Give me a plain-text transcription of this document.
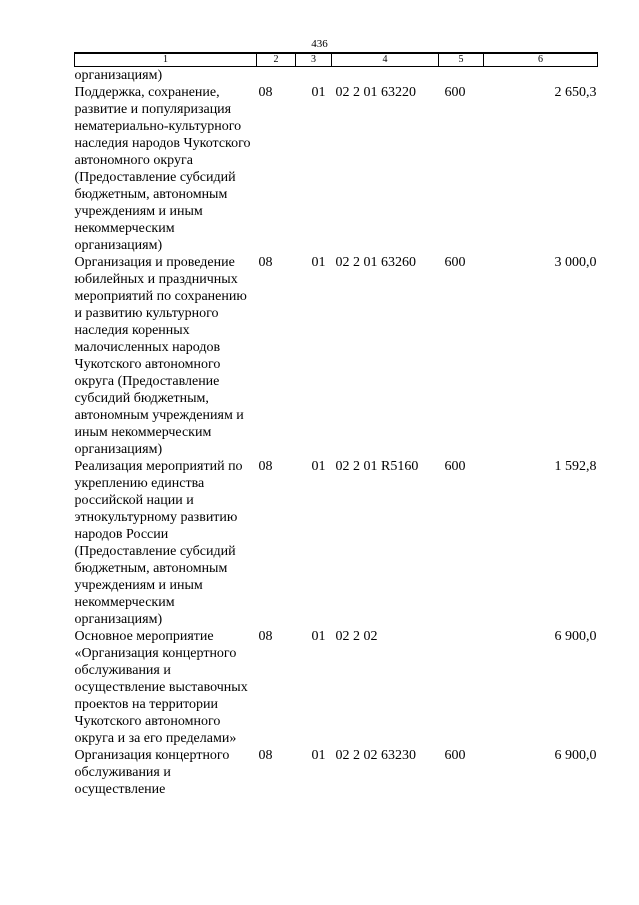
436
1	2	3	4	5	6
организациям)					
Поддержка, сохранение, развитие и популяризация нематериально-культурного наследия народов Чукотского автономного округа (Предоставление субсидий бюджетным, автономным учреждениям и иным некоммерческим организациям)	08	01	02 2 01 63220	600	2 650,3
Организация и проведение юбилейных и праздничных мероприятий по сохранению и развитию культурного наследия коренных малочисленных народов Чукотского автономного округа (Предоставление субсидий бюджетным, автономным учреждениям и иным некоммерческим организациям)	08	01	02 2 01 63260	600	3 000,0
Реализация мероприятий по укреплению единства российской нации и этнокультурному развитию народов России (Предоставление субсидий бюджетным, автономным учреждениям и иным некоммерческим организациям)	08	01	02 2 01 R5160	600	1 592,8
Основное мероприятие «Организация концертного обслуживания и осуществление выставочных проектов на территории Чукотского автономного округа и за его пределами»	08	01	02 2 02		6 900,0
Организация концертного обслуживания и осуществление	08	01	02 2 02 63230	600	6 900,0
